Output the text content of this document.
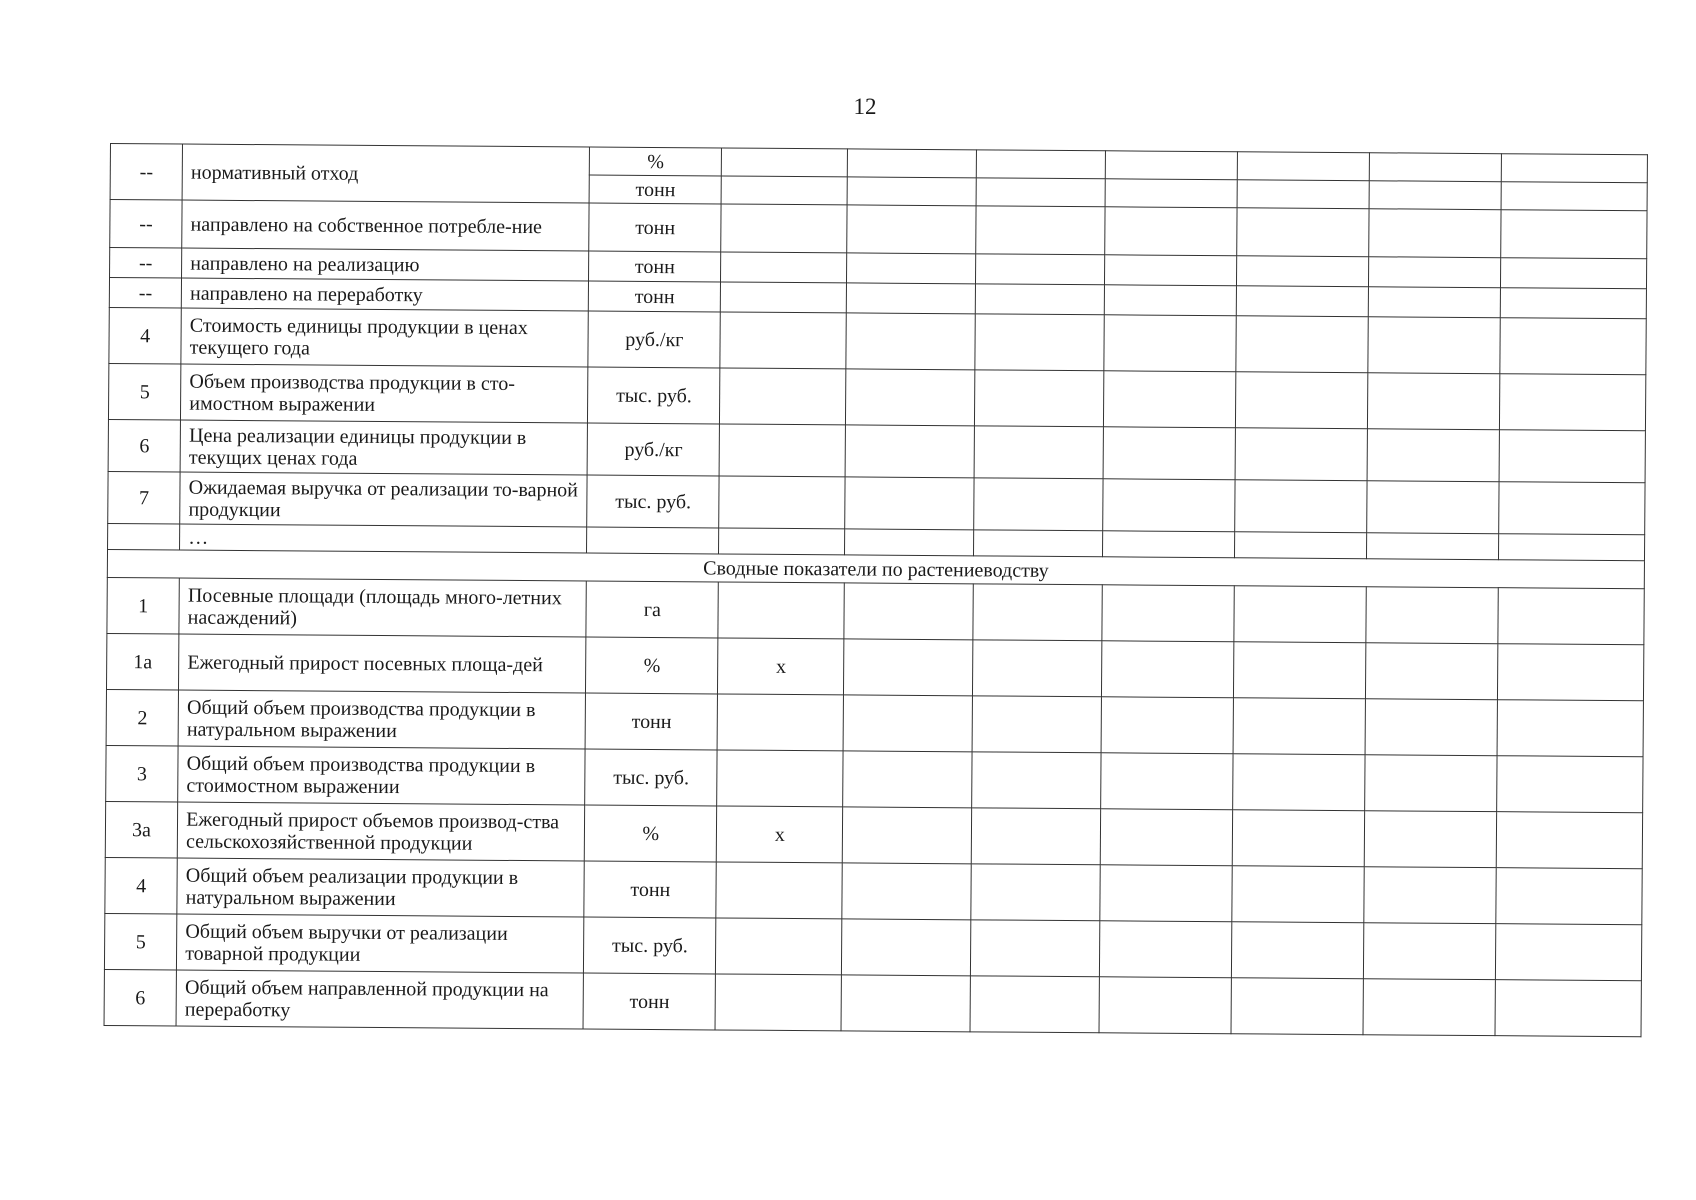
12
--	нормативный отход	%							
		тонн							
--	направлено на собственное потребле-ние	тонн							
--	направлено на реализацию	тонн							
--	направлено на переработку	тонн							
4	Стоимость единицы продукции в ценах текущего года	руб./кг							
5	Объем производства продукции в сто-имостном выражении	тыс. руб.							
6	Цена реализации единицы продукции в текущих ценах года	руб./кг							
7	Ожидаемая выручка от реализации то-варной продукции	тыс. руб.							
	…								
Сводные показатели по растениеводству									
1	Посевные площади (площадь много-летних насаждений)	га							
1а	Ежегодный прирост посевных площа-дей	%	х						
2	Общий объем производства продукции в натуральном выражении	тонн							
3	Общий объем производства продукции в стоимостном выражении	тыс. руб.							
3а	Ежегодный прирост объемов производ-ства сельскохозяйственной продукции	%	х						
4	Общий объем реализации продукции в натуральном выражении	тонн							
5	Общий объем выручки от реализации товарной продукции	тыс. руб.							
6	Общий объем направленной продукции на переработку	тонн							
